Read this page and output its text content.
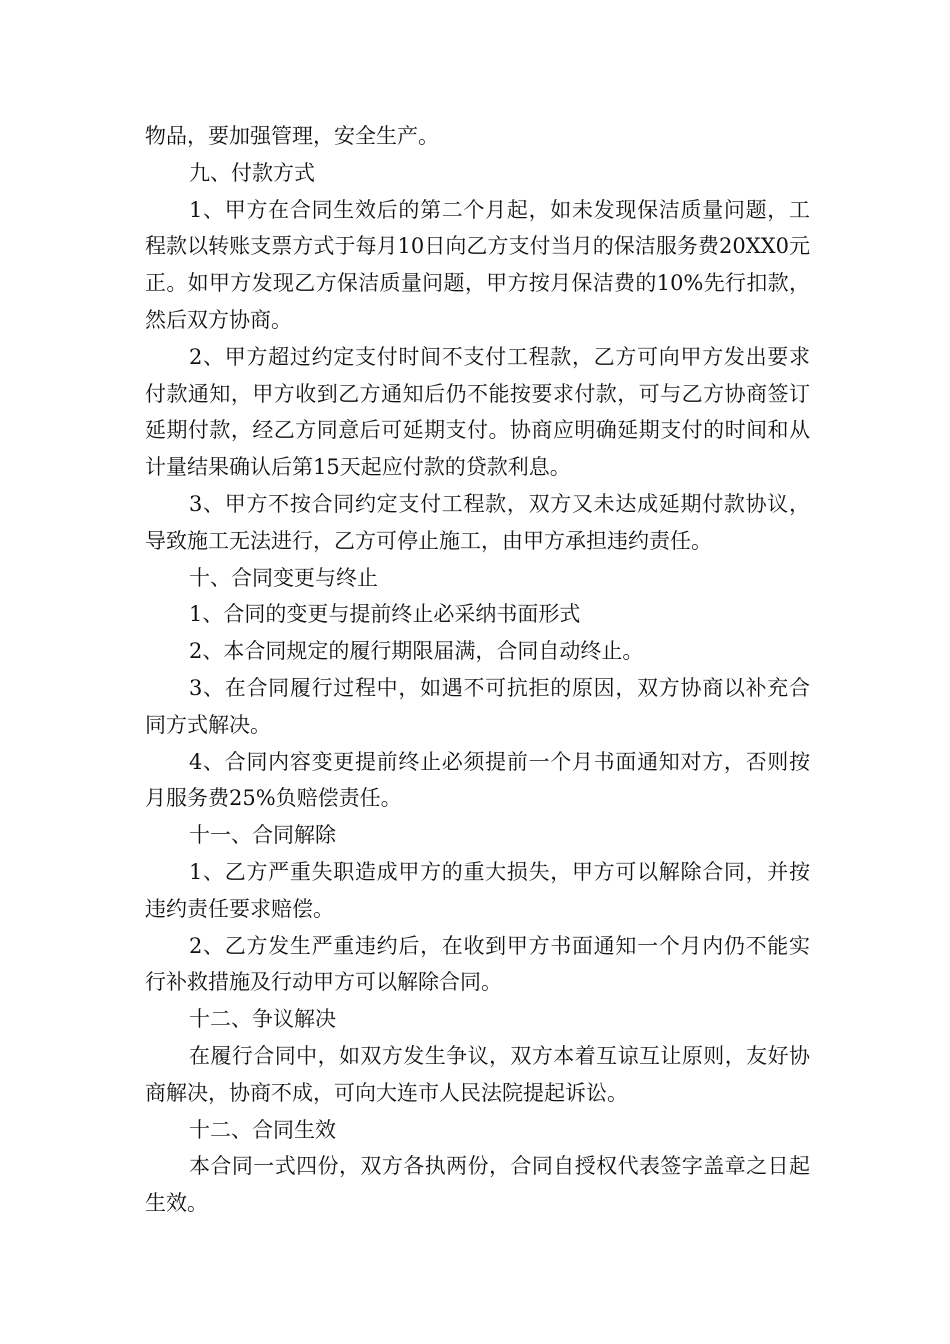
物品，要加强管理，安全生产。

九、付款方式

1、甲方在合同生效后的第二个月起，如未发现保洁质量问题，工程款以转账支票方式于每月10日向乙方支付当月的保洁服务费20XX0元正。如甲方发现乙方保洁质量问题，甲方按月保洁费的10%先行扣款，然后双方协商。

2、甲方超过约定支付时间不支付工程款，乙方可向甲方发出要求付款通知，甲方收到乙方通知后仍不能按要求付款，可与乙方协商签订延期付款，经乙方同意后可延期支付。协商应明确延期支付的时间和从计量结果确认后第15天起应付款的贷款利息。

3、甲方不按合同约定支付工程款，双方又未达成延期付款协议，导致施工无法进行，乙方可停止施工，由甲方承担违约责任。

十、合同变更与终止

1、合同的变更与提前终止必采纳书面形式

2、本合同规定的履行期限届满，合同自动终止。

3、在合同履行过程中，如遇不可抗拒的原因，双方协商以补充合同方式解决。

4、合同内容变更提前终止必须提前一个月书面通知对方，否则按月服务费25%负赔偿责任。

十一、合同解除

1、乙方严重失职造成甲方的重大损失，甲方可以解除合同，并按违约责任要求赔偿。

2、乙方发生严重违约后，在收到甲方书面通知一个月内仍不能实行补救措施及行动甲方可以解除合同。

十二、争议解决

在履行合同中，如双方发生争议，双方本着互谅互让原则，友好协商解决，协商不成，可向大连市人民法院提起诉讼。

十二、合同生效

本合同一式四份，双方各执两份，合同自授权代表签字盖章之日起生效。
